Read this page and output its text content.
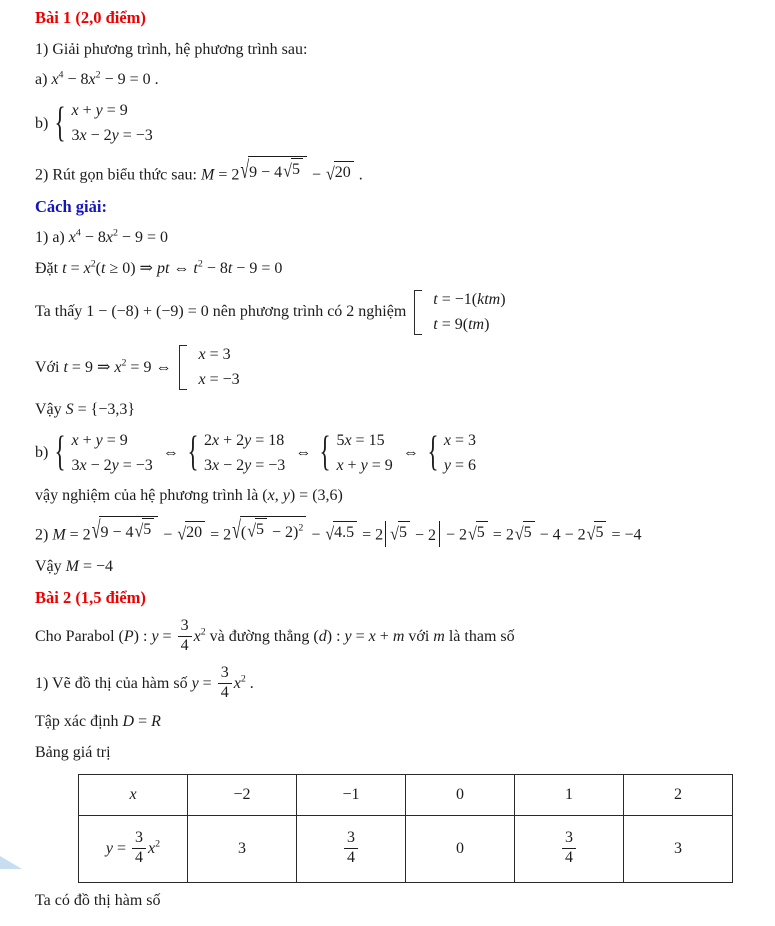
Bài 1 (2,0 điểm)

1) Giải phương trình, hệ phương trình sau:

a) $x^4 - 8x^2 - 9 = 0$ .

b) { x + y = 9
3x − 2y = −3

2) Rút gọn biểu thức sau: M = 2 √ 9 − 4 √ 5 − √ 20 .

Cách giải:

1) a) $x^4 - 8x^2 - 9 = 0$

Đặt $t = x^2(t \ge 0)$ ⇒ pt ⇔ $t^2 - 8t - 9 = 0$

Ta thấy 1 − (−8) + (−9) = 0 nên phương trình có 2 nghiệm
t = −1(ktm)
t = 9(tm)
Với t = 9 ⇒ $x^2 = 9$ ⇔
x = 3
x = −3

Vậy S = {−3,3}

b) { x + y = 9
3x − 2y = −3
⇔ { 2x + 2y = 18
3x − 2y = −3
⇔ { 5x = 15
x + y = 9
⇔ { x = 3
y = 6

vậy nghiệm của hệ phương trình là (x, y) = (3,6)

2) M = 2 √ 9 − 4 √ 5 − √ 20 = 2 √ ( √ 5 − 2)$^2$ − √ 4.5 = 2 √ 5 − 2 − 2 √ 5 = 2 √ 5 − 4 − 2 √ 5 = −4

Vậy M = −4

Bài 2 (1,5 điểm)

Cho Parabol (P) : $y = \frac{3}{4} x^2$ và đường thẳng (d) : y = x + m với m là tham số

1) Vẽ đồ thị của hàm số $y = \frac{3}{4} x^2$ .

Tập xác định D = R

Bảng giá trị

x	−2	−1	0	1	2
$y = \frac{3}{4} x^2$	3	$\frac{3}{4}$	0	$\frac{3}{4}$	3

Ta có đồ thị hàm số
